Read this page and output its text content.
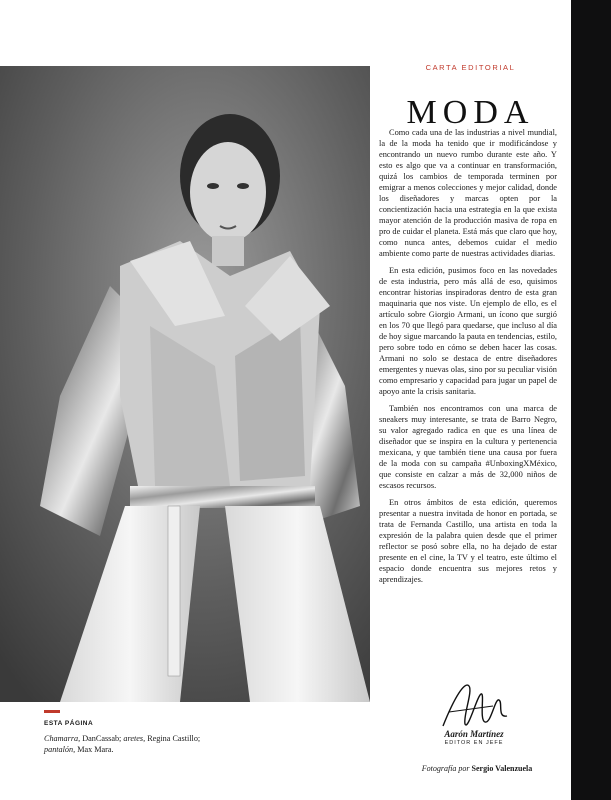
CARTA EDITORIAL
MODA

Como cada una de las industrias a nivel mundial, la de la moda ha tenido que ir modificándose y encontrando un nuevo rumbo durante este año. Y esto es algo que va a continuar en transformación, quizá los cambios de temporada terminen por emigrar a menos colecciones y mejor calidad, donde los diseñadores y marcas opten por la concientización hacia una estrategia en la que exista mayor atención de la producción masiva de ropa en pro de cuidar el planeta. Está más que claro que hoy, como nunca antes, debemos cuidar el medio ambiente como parte de nuestras actividades diarias.

En esta edición, pusimos foco en las novedades de esta industria, pero más allá de eso, quisimos encontrar historias inspiradoras dentro de esta gran maquinaria que nos viste. Un ejemplo de ello, es el artículo sobre Giorgio Armani, un ícono que surgió en los 70 que llegó para quedarse, que incluso al día de hoy sigue marcando la pauta en tendencias, estilo, pero sobre todo en cómo se deben hacer las cosas. Armani no solo se destaca de entre diseñadores emergentes y nuevas olas, sino por su peculiar visión como empresario y capacidad para jugar un papel de apoyo ante la crisis sanitaria.

También nos encontramos con una marca de sneakers muy interesante, se trata de Barro Negro, su valor agregado radica en que es una línea de diseñador que se inspira en la cultura y pertenencia mexicana, y que también tiene una causa por fuera de la moda con su campaña #UnboxingXMéxico, que consiste en calzar a más de 32,000 niños de escasos recursos.

En otros ámbitos de esta edición, queremos presentar a nuestra invitada de honor en portada, se trata de Fernanda Castillo, una artista en toda la expresión de la palabra quien desde que el primer reflector se posó sobre ella, no ha dejado de estar presente en el cine, la TV y el teatro, este último el espacio donde encuentra sus mejores retos y aprendizajes.

Aarón Martínez
EDITOR EN JEFE
Fotografía por Sergio Valenzuela
ESTA PÁGINA
Chamarra, DanCassab; aretes, Regina Castillo; pantalón, Max Mara.
